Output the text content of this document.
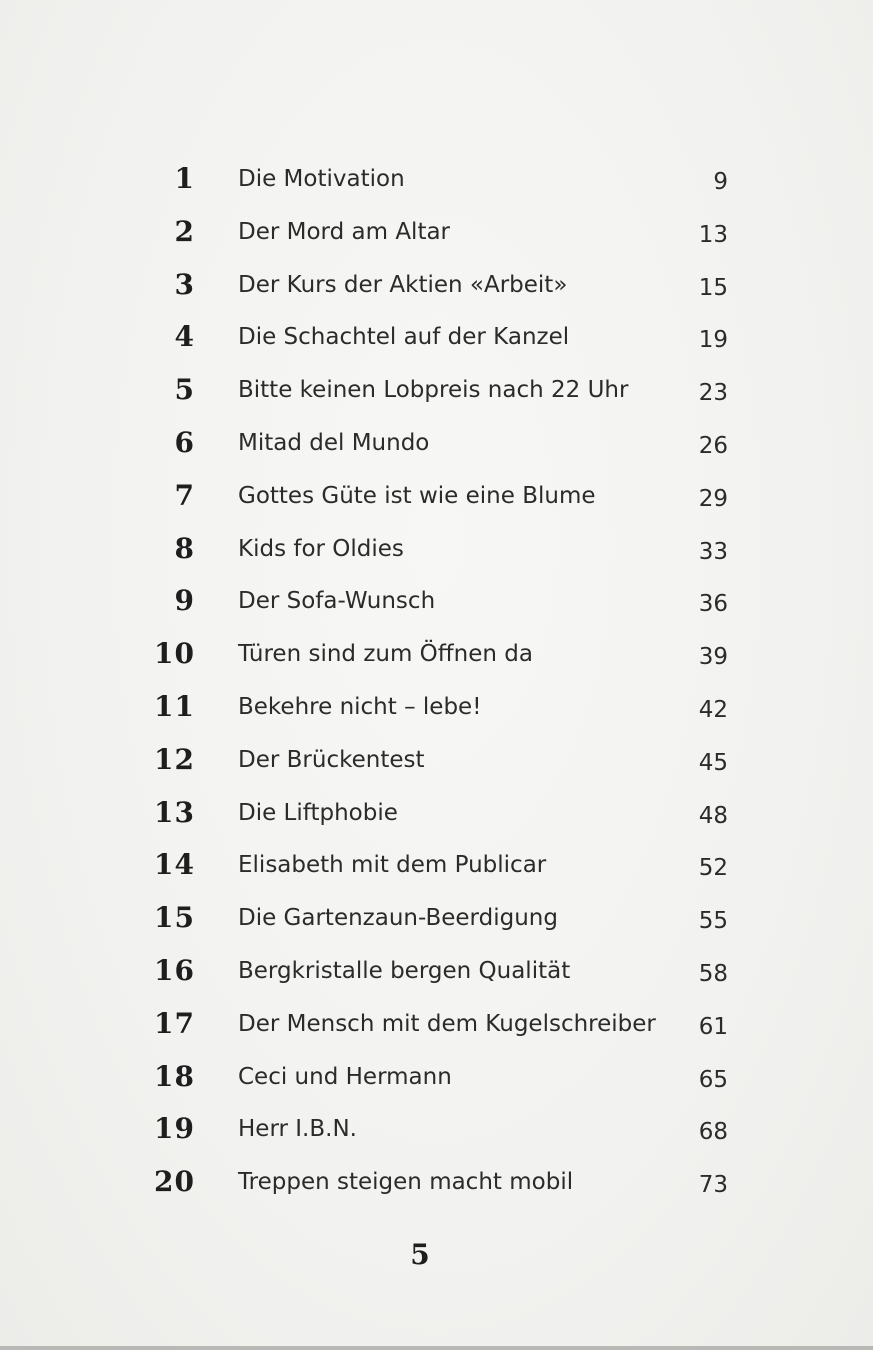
1 Die Motivation	9
2 Der Mord am Altar	13
3 Der Kurs der Aktien «Arbeit»	15
4 Die Schachtel auf der Kanzel	19
5 Bitte keinen Lobpreis nach 22 Uhr	23
6 Mitad del Mundo	26
7 Gottes Güte ist wie eine Blume	29
8 Kids for Oldies	33
9 Der Sofa-Wunsch	36
10 Türen sind zum Öffnen da	39
11 Bekehre nicht – lebe!	42
12 Der Brückentest	45
13 Die Liftphobie	48
14 Elisabeth mit dem Publicar	52
15 Die Gartenzaun-Beerdigung	55
16 Bergkristalle bergen Qualität	58
17 Der Mensch mit dem Kugelschreiber 61
18 Ceci und Hermann	65
19 Herr I.B.N.	68
20 Treppen steigen macht mobil	73
5
